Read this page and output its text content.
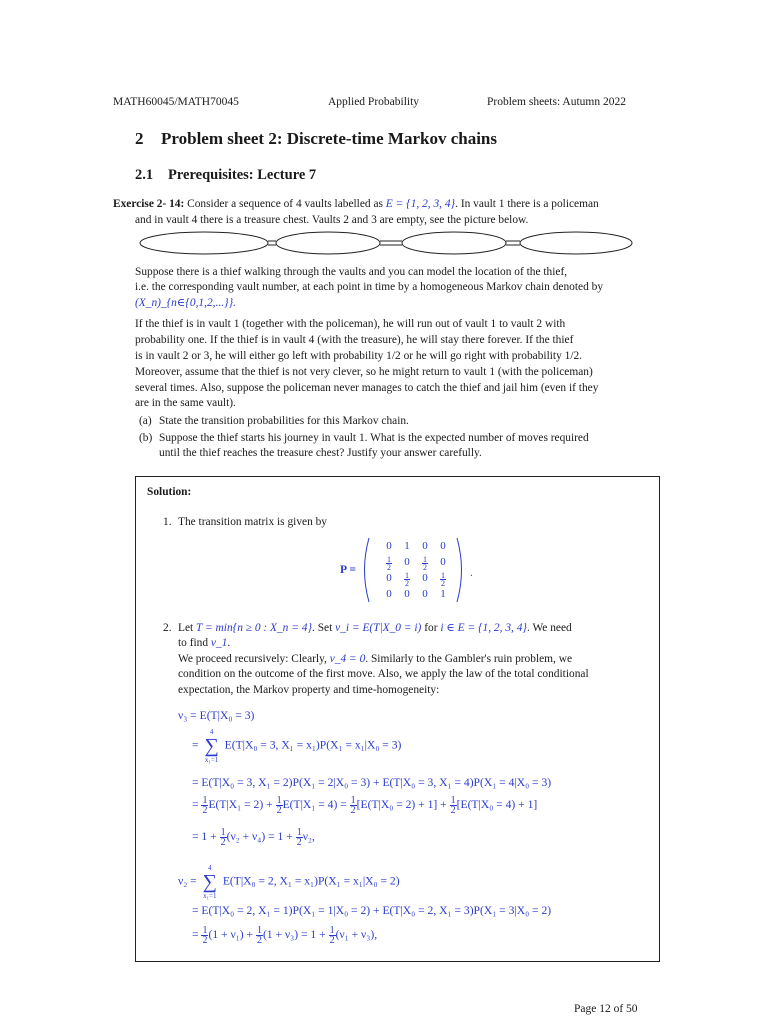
MATH60045/MATH70045	Applied Probability	Problem sheets: Autumn 2022
2 Problem sheet 2: Discrete-time Markov chains
2.1 Prerequisites: Lecture 7
Exercise 2- 14: Consider a sequence of 4 vaults labelled as E = {1, 2, 3, 4}. In vault 1 there is a policeman
and in vault 4 there is a treasure chest. Vaults 2 and 3 are empty, see the picture below.
Suppose there is a thief walking through the vaults and you can model the location of the thief,
i.e. the corresponding vault number, at each point in time by a homogeneous Markov chain denoted by
(X_n)_{n∈{0,1,2,...}}.
If the thief is in vault 1 (together with the policeman), he will run out of vault 1 to vault 2 with
probability one. If the thief is in vault 4 (with the treasure), he will stay there forever. If the thief
is in vault 2 or 3, he will either go left with probability 1/2 or he will go right with probability 1/2.
Moreover, assume that the thief is not very clever, so he might return to vault 1 (with the policeman)
several times. Also, suppose the policeman never manages to catch the thief and jail him (even if they
are in the same vault).
(a) State the transition probabilities for this Markov chain.
(b) Suppose the thief starts his journey in vault 1. What is the expected number of moves required
until the thief reaches the treasure chest? Justify your answer carefully.
Solution:
1. The transition matrix is given by
P =
0	1	0	0
$\frac{1}{2}$	0	$\frac{1}{2}$	0
0	$\frac{1}{2}$	0	$\frac{1}{2}$
0	0	0	1
.
2. Let T = min{n ≥ 0 : X_n = 4}. Set ν_i = E(T|X_0 = i) for i ∈ E = {1, 2, 3, 4}. We need
to find ν_1.
We proceed recursively: Clearly, ν_4 = 0. Similarly to the Gambler's ruin problem, we
condition on the outcome of the first move. Also, we apply the law of the total conditional
expectation, the Markov property and time-homogeneity:
ν₃ = E(T|X₀ = 3)
=
4
∑
x₁=1
E(T|X₀ = 3, X₁ = x₁)P(X₁ = x₁|X₀ = 3)
= E(T|X₀ = 3, X₁ = 2)P(X₁ = 2|X₀ = 3) + E(T|X₀ = 3, X₁ = 4)P(X₁ = 4|X₀ = 3)
= $\frac{1}{2} E(T|X_1 = 2) + \frac{1}{2} E(T|X_1 = 4) = \frac{1}{2} [E(T|X_0 = 2) + 1] + \frac{1}{2} [E(T|X_0 = 4) + 1]$
= $1 + \frac{1}{2} (\nu_2 + \nu_4) = 1 + \frac{1}{2} \nu_2$,
ν₂ =
4
∑
x₁=1
E(T|X₀ = 2, X₁ = x₁)P(X₁ = x₁|X₀ = 2)
= E(T|X₀ = 2, X₁ = 1)P(X₁ = 1|X₀ = 2) + E(T|X₀ = 2, X₁ = 3)P(X₁ = 3|X₀ = 2)
= $\frac{1}{2} (1 + \nu_1) + \frac{1}{2} (1 + \nu_3) = 1 + \frac{1}{2} (\nu_1 + \nu_3)$,
Page 12 of 50
